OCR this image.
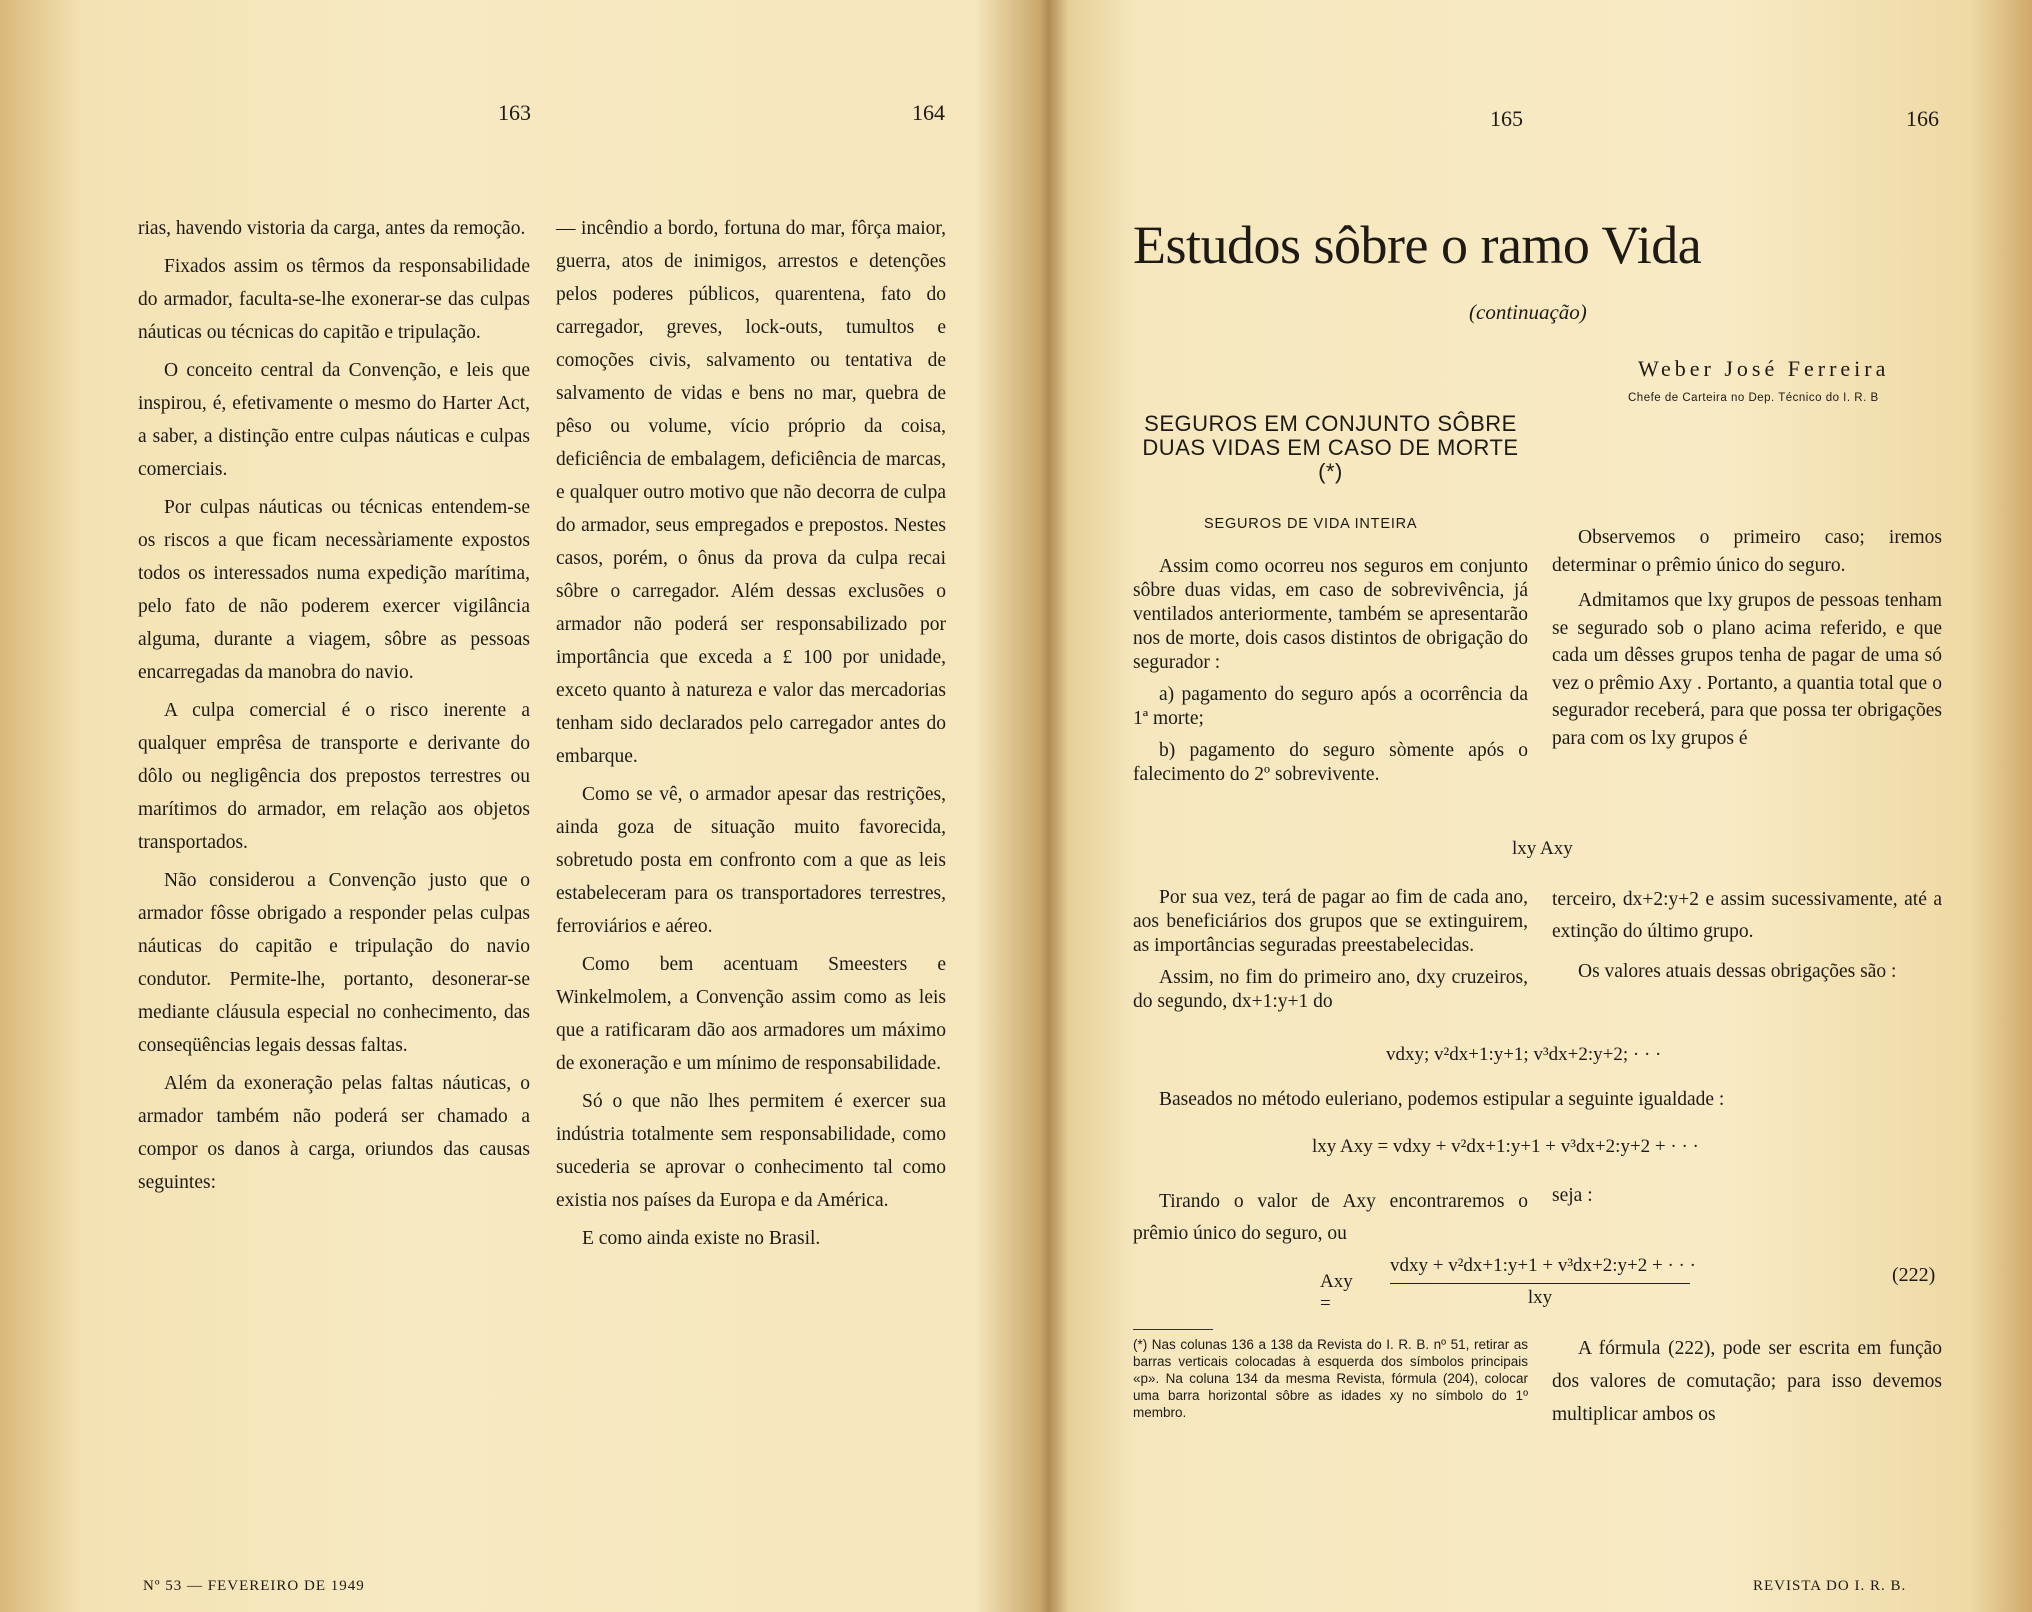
163	164	165	166

rias, havendo vistoria da carga, antes da remoção.

Fixados assim os têrmos da responsabilidade do armador, faculta-se-lhe exonerar-se das culpas náuticas ou técnicas do capitão e tripulação.

O conceito central da Convenção, e leis que inspirou, é, efetivamente o mesmo do Harter Act, a saber, a distinção entre culpas náuticas e culpas comerciais.

Por culpas náuticas ou técnicas entendem-se os riscos a que ficam necessàriamente expostos todos os interessados numa expedição marítima, pelo fato de não poderem exercer vigilância alguma, durante a viagem, sôbre as pessoas encarregadas da manobra do navio.

A culpa comercial é o risco inerente a qualquer emprêsa de transporte e derivante do dôlo ou negligência dos prepostos terrestres ou marítimos do armador, em relação aos objetos transportados.

Não considerou a Convenção justo que o armador fôsse obrigado a responder pelas culpas náuticas do capitão e tripulação do navio condutor. Permite-lhe, portanto, desonerar-se mediante cláusula especial no conhecimento, das conseqüências legais dessas faltas.

Além da exoneração pelas faltas náuticas, o armador também não poderá ser chamado a compor os danos à carga, oriundos das causas seguintes:

— incêndio a bordo, fortuna do mar, fôrça maior, guerra, atos de inimigos, arrestos e detenções pelos poderes públicos, quarentena, fato do carregador, greves, lock-outs, tumultos e comoções civis, salvamento ou tentativa de salvamento de vidas e bens no mar, quebra de pêso ou volume, vício próprio da coisa, deficiência de embalagem, deficiência de marcas, e qualquer outro motivo que não decorra de culpa do armador, seus empregados e prepostos. Nestes casos, porém, o ônus da prova da culpa recai sôbre o carregador. Além dessas exclusões o armador não poderá ser responsabilizado por importância que exceda a £ 100 por unidade, exceto quanto à natureza e valor das mercadorias tenham sido declarados pelo carregador antes do embarque.

Como se vê, o armador apesar das restrições, ainda goza de situação muito favorecida, sobretudo posta em confronto com a que as leis estabeleceram para os transportadores terrestres, ferroviários e aéreo.

Como bem acentuam Smeesters e Winkelmolem, a Convenção assim como as leis que a ratificaram dão aos armadores um máximo de exoneração e um mínimo de responsabilidade.

Só o que não lhes permitem é exercer sua indústria totalmente sem responsabilidade, como sucederia se aprovar o conhecimento tal como existia nos países da Europa e da América.

E como ainda existe no Brasil.

Estudos sôbre o ramo Vida
(continuação)
Weber José Ferreira
Chefe de Carteira no Dep. Técnico do I. R. B
SEGUROS EM CONJUNTO SÔBRE DUAS VIDAS EM CASO DE MORTE (*)
SEGUROS DE VIDA INTEIRA

Assim como ocorreu nos seguros em conjunto sôbre duas vidas, em caso de sobrevivência, já ventilados anteriormente, também se apresentarão nos de morte, dois casos distintos de obrigação do segurador :

a) pagamento do seguro após a ocorrência da 1ª morte;

b) pagamento do seguro sòmente após o falecimento do 2º sobrevivente.

Observemos o primeiro caso; iremos determinar o prêmio único do seguro.

Admitamos que lxy grupos de pessoas tenham se segurado sob o plano acima referido, e que cada um dêsses grupos tenha de pagar de uma só vez o prêmio Axy . Portanto, a quantia total que o segurador receberá, para que possa ter obrigações para com os lxy grupos é

lxy Axy

Por sua vez, terá de pagar ao fim de cada ano, aos beneficiários dos grupos que se extinguirem, as importâncias seguradas preestabelecidas.

Assim, no fim do primeiro ano, dxy cruzeiros, do segundo, dx+1:y+1 do

terceiro, dx+2:y+2 e assim sucessivamente, até a extinção do último grupo.

Os valores atuais dessas obrigações são :

vdxy; v²dx+1:y+1; v³dx+2:y+2; · · ·

Baseados no método euleriano, podemos estipular a seguinte igualdade :

lxy Axy = vdxy + v²dx+1:y+1 + v³dx+2:y+2 + · · ·

Tirando o valor de Axy encontraremos o prêmio único do seguro, ou

seja :

Axy =
vdxy + v²dx+1:y+1 + v³dx+2:y+2 + · · ·
lxy
(222)
(*) Nas colunas 136 a 138 da Revista do I. R. B. nº 51, retirar as barras verticais colocadas à esquerda dos símbolos principais «p». Na coluna 134 da mesma Revista, fórmula (204), colocar uma barra horizontal sôbre as idades xy no símbolo do 1º membro.

A fórmula (222), pode ser escrita em função dos valores de comutação; para isso devemos multiplicar ambos os

Nº 53 — FEVEREIRO DE 1949	REVISTA DO I. R. B.
